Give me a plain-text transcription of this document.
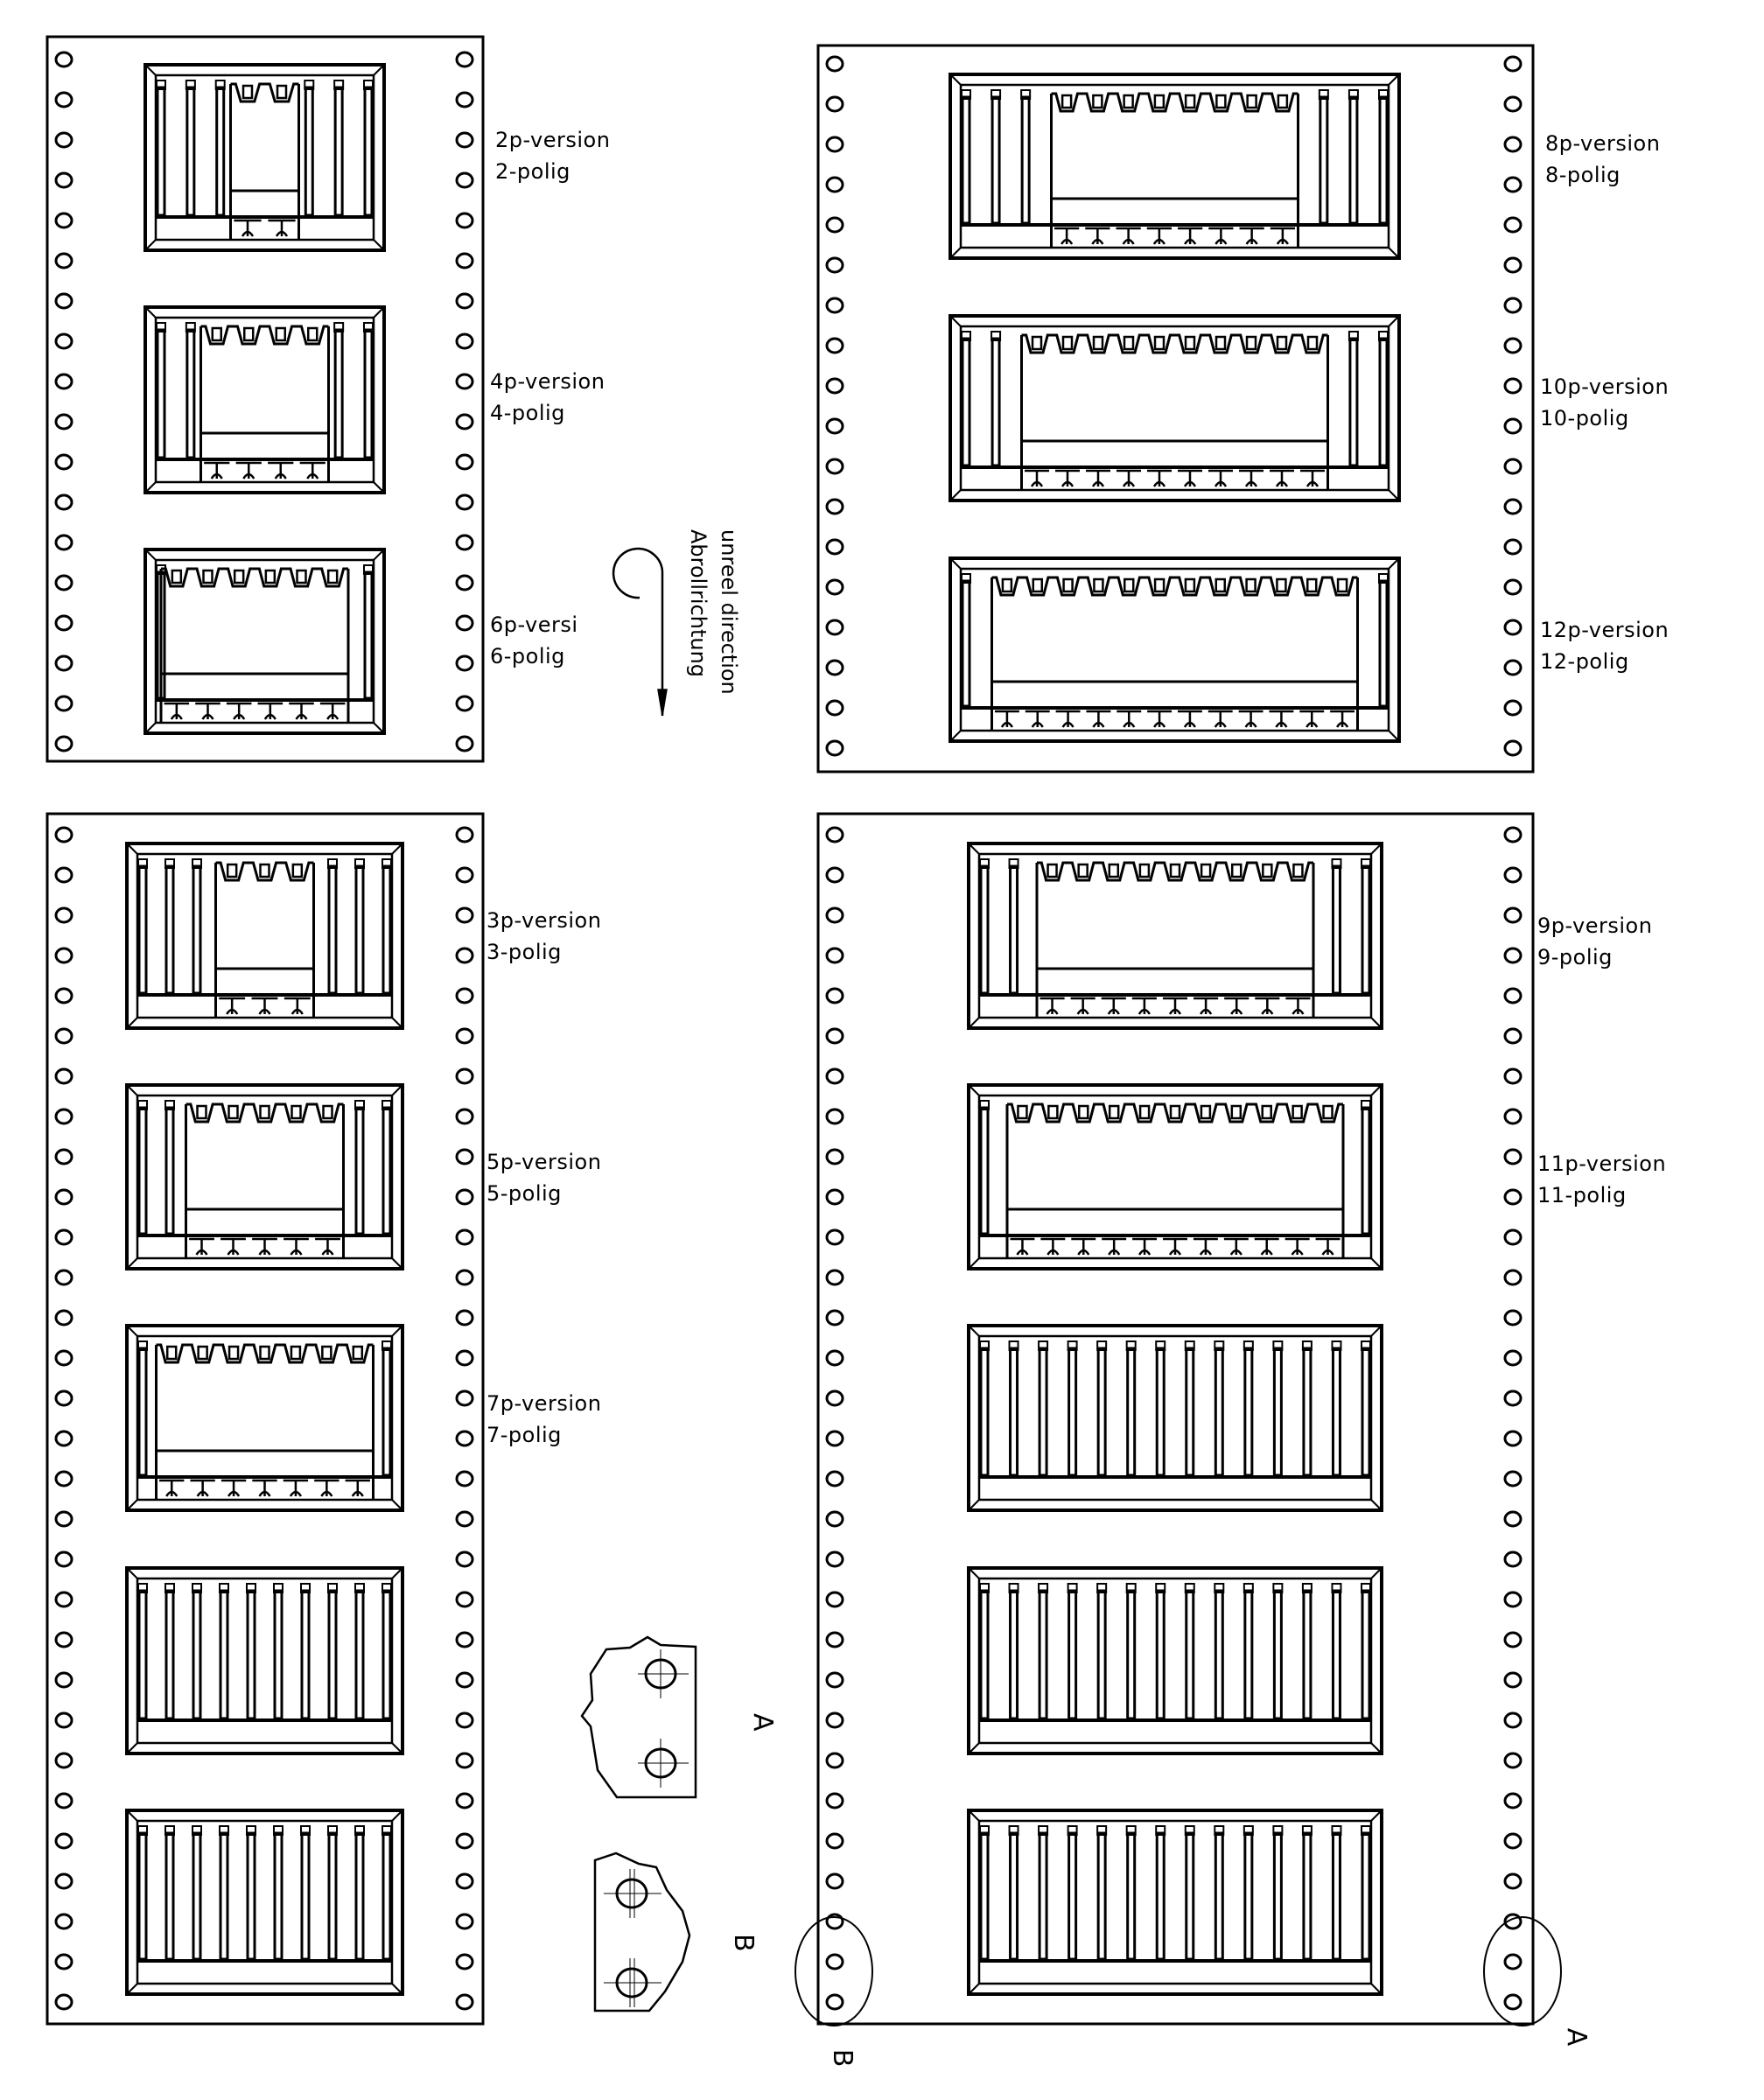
2p-version
2-polig
4p-version
4-polig
6p-versi
6-polig
8p-version
8-polig
10p-version
10-polig
12p-version
12-polig
3p-version
3-polig
5p-version
5-polig
7p-version
7-polig
9p-version
9-polig
11p-version
11-polig
unreel direction
Abrollrichtung
A
B
B
A
